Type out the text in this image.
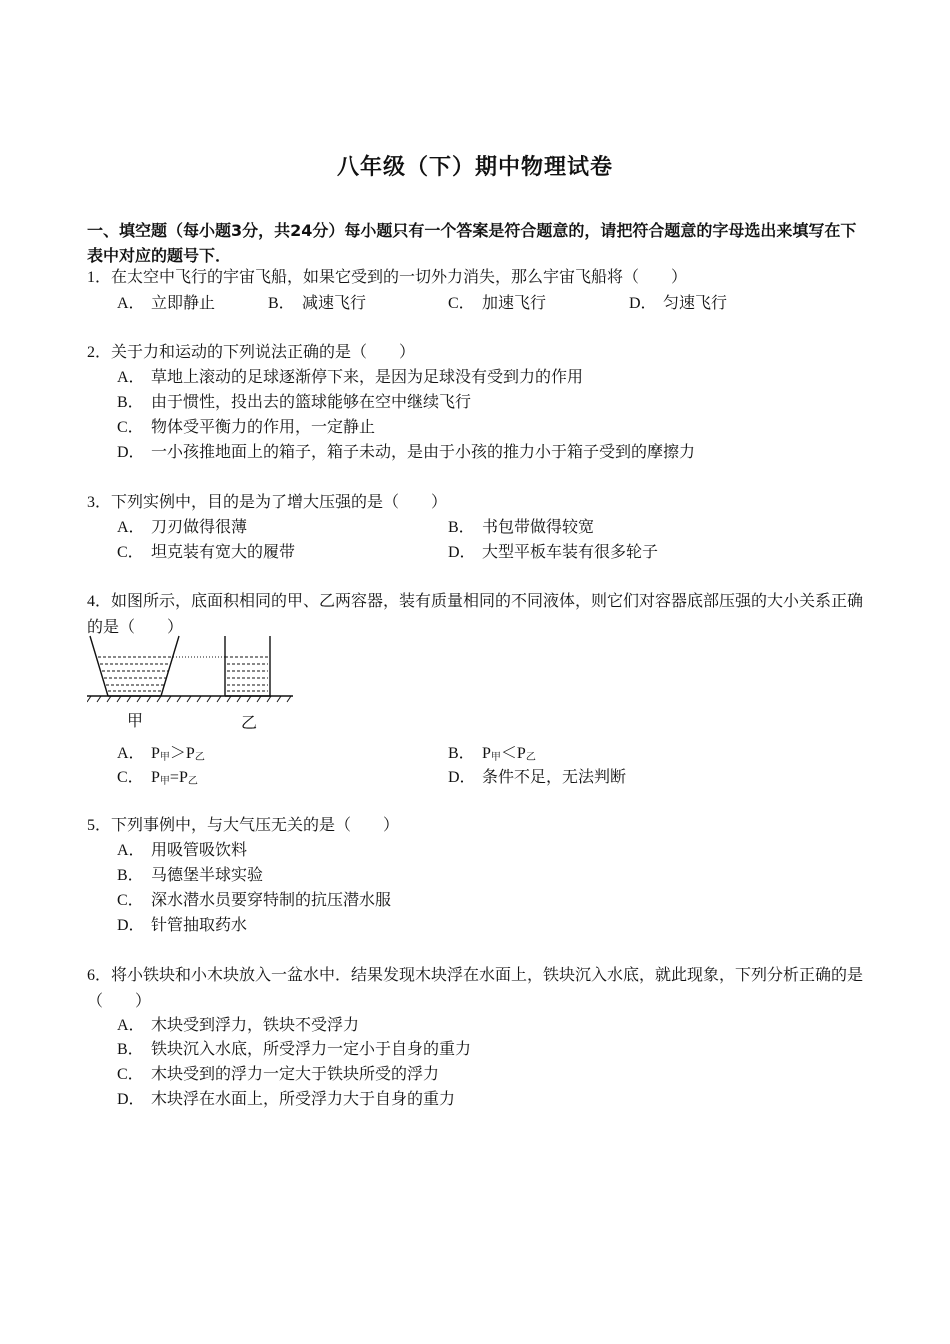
八年级（下）期中物理试卷
一、填空题（每小题3分，共24分）每小题只有一个答案是符合题意的，请把符合题意的字母选出来填写在下表中对应的题号下．
1．在太空中飞行的宇宙飞船，如果它受到的一切外力消失，那么宇宙飞船将（　　）
A． 立即静止	B． 减速飞行	C． 加速飞行	D． 匀速飞行
2．关于力和运动的下列说法正确的是（　　）
A． 草地上滚动的足球逐渐停下来，是因为足球没有受到力的作用
B． 由于惯性，投出去的篮球能够在空中继续飞行
C． 物体受平衡力的作用，一定静止
D． 一小孩推地面上的箱子，箱子未动，是由于小孩的推力小于箱子受到的摩擦力
3．下列实例中，目的是为了增大压强的是（　　）
A． 刀刃做得很薄	B． 书包带做得较宽
C． 坦克装有宽大的履带	D． 大型平板车装有很多轮子
4．如图所示，底面积相同的甲、乙两容器，装有质量相同的不同液体，则它们对容器底部压强的大小关系正确的是（　　）
甲	乙
A． $P_甲>P_乙$	B． $P_甲<P_乙$
C． $P_甲=P_乙$	D． 条件不足，无法判断
5．下列事例中，与大气压无关的是（　　）
A． 用吸管吸饮料
B． 马德堡半球实验
C． 深水潜水员要穿特制的抗压潜水服
D． 针管抽取药水
6．将小铁块和小木块放入一盆水中．结果发现木块浮在水面上，铁块沉入水底，就此现象，下列分析正确的是（　　）
A． 木块受到浮力，铁块不受浮力
B． 铁块沉入水底，所受浮力一定小于自身的重力
C． 木块受到的浮力一定大于铁块所受的浮力
D． 木块浮在水面上，所受浮力大于自身的重力
